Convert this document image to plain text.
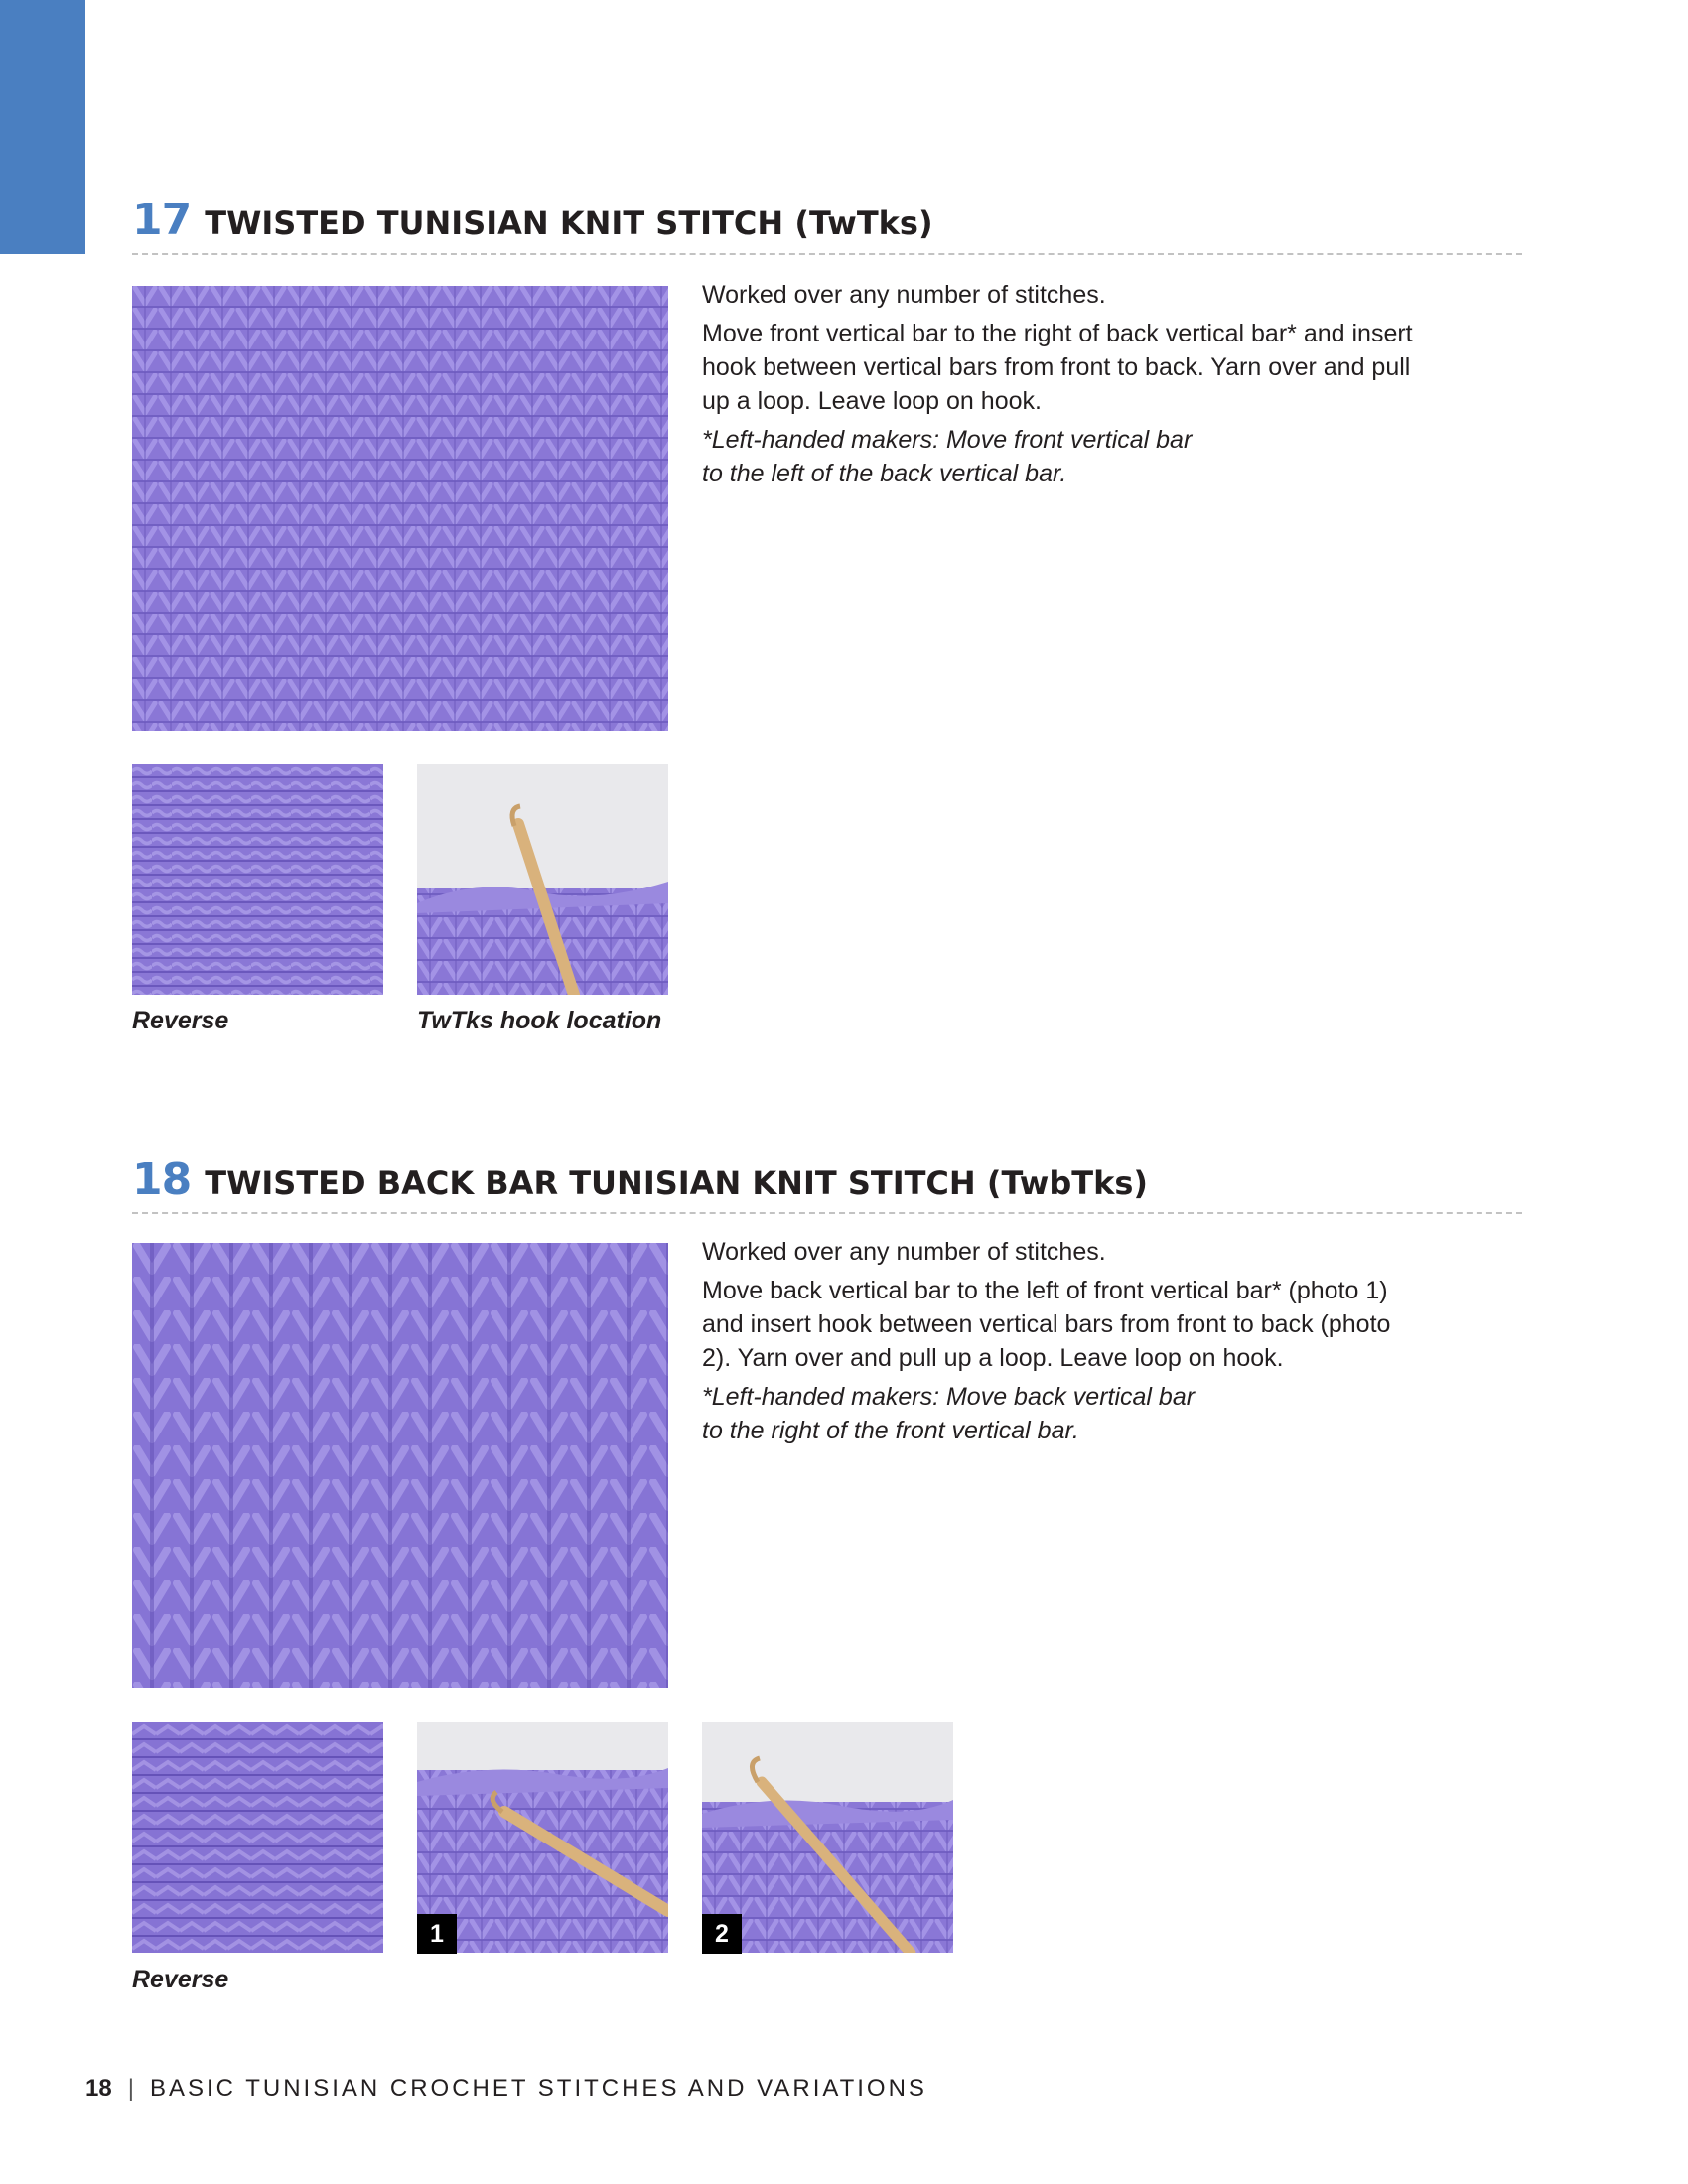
17 TWISTED TUNISIAN KNIT STITCH (TwTks)

Worked over any number of stitches.

Move front vertical bar to the right of back vertical bar* and insert hook between vertical bars from front to back. Yarn over and pull up a loop. Leave loop on hook.

*Left-handed makers: Move front vertical bar to the left of the back vertical bar.

Reverse	TwTks hook location
18 TWISTED BACK BAR TUNISIAN KNIT STITCH (TwbTks)

Worked over any number of stitches.

Move back vertical bar to the left of front vertical bar* (photo 1) and insert hook between vertical bars from front to back (photo 2). Yarn over and pull up a loop. Leave loop on hook.

*Left-handed makers: Move back vertical bar to the right of the front vertical bar.

1	2
Reverse
18 | BASIC TUNISIAN CROCHET STITCHES AND VARIATIONS
